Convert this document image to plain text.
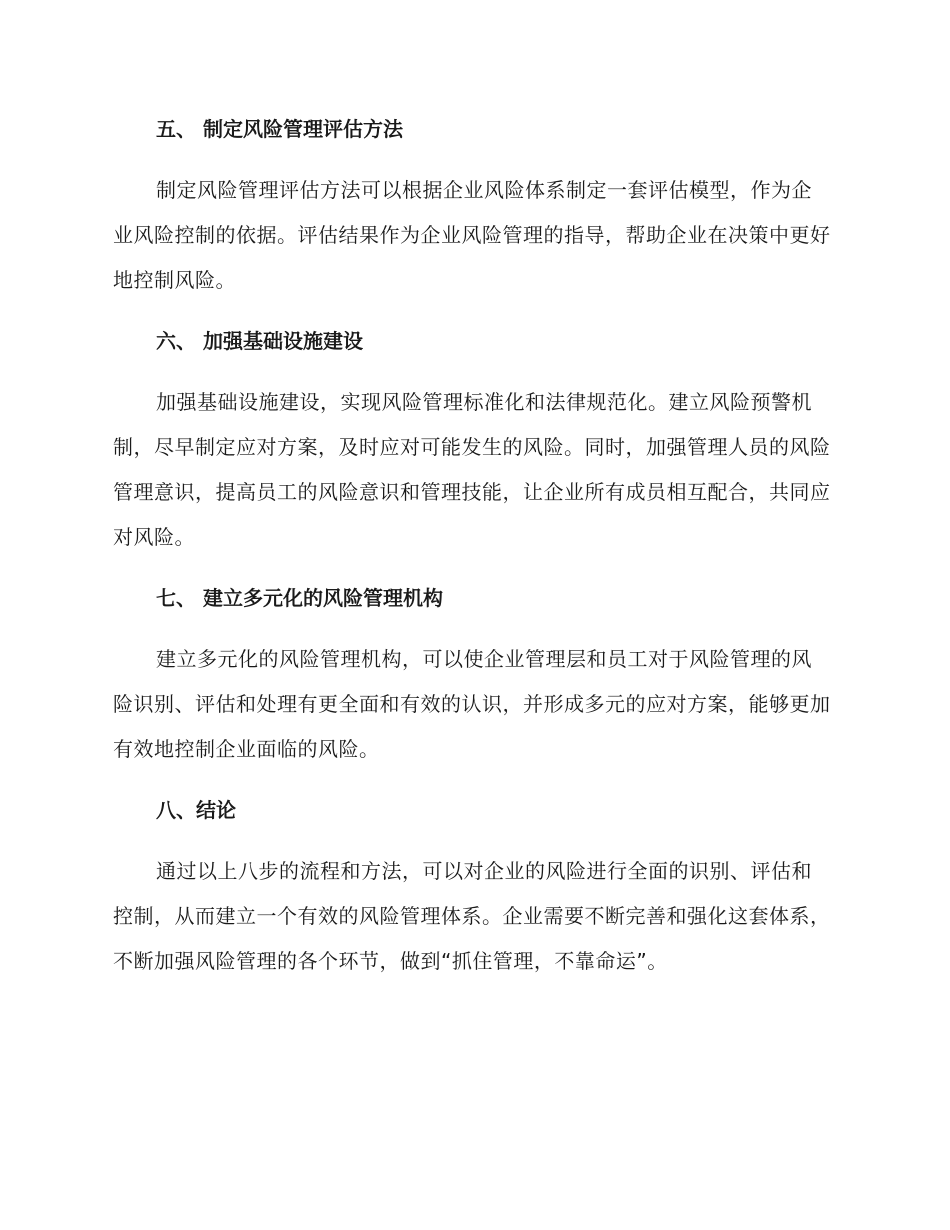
五、 制定风险管理评估方法

制定风险管理评估方法可以根据企业风险体系制定一套评估模型，作为企业风险控制的依据。评估结果作为企业风险管理的指导，帮助企业在决策中更好地控制风险。

六、 加强基础设施建设

加强基础设施建设，实现风险管理标准化和法律规范化。建立风险预警机制，尽早制定应对方案，及时应对可能发生的风险。同时，加强管理人员的风险管理意识，提高员工的风险意识和管理技能，让企业所有成员相互配合，共同应对风险。

七、 建立多元化的风险管理机构

建立多元化的风险管理机构，可以使企业管理层和员工对于风险管理的风险识别、评估和处理有更全面和有效的认识，并形成多元的应对方案，能够更加有效地控制企业面临的风险。

八、结论

通过以上八步的流程和方法，可以对企业的风险进行全面的识别、评估和控制，从而建立一个有效的风险管理体系。企业需要不断完善和强化这套体系，不断加强风险管理的各个环节，做到“抓住管理，不靠命运”。
